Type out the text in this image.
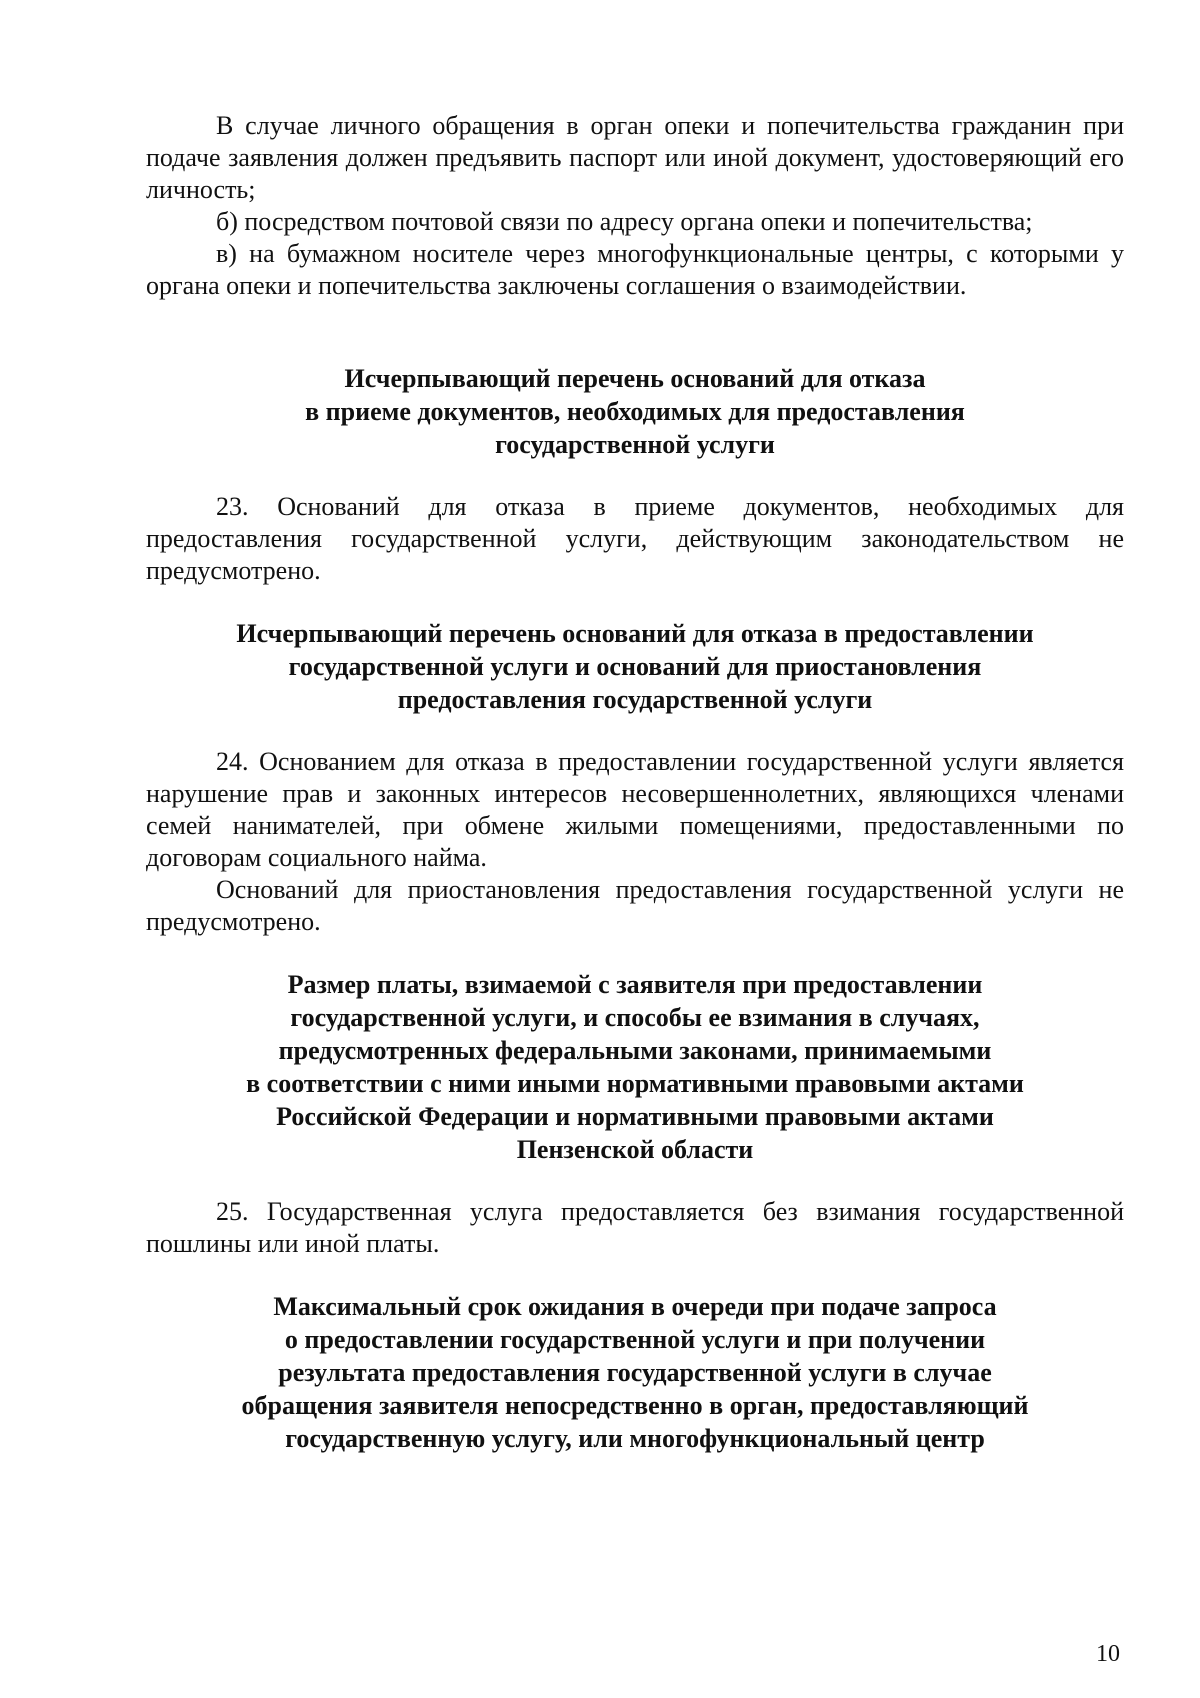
В случае личного обращения в орган опеки и попечительства гражданин при подаче заявления должен предъявить паспорт или иной документ, удостоверяющий его личность;

б) посредством почтовой связи по адресу органа опеки и попечительства;

в) на бумажном носителе через многофункциональные центры, с которыми у органа опеки и попечительства заключены соглашения о взаимодействии.

Исчерпывающий перечень оснований для отказа
в приеме документов, необходимых для предоставления
государственной услуги

23. Оснований для отказа в приеме документов, необходимых для предоставления государственной услуги, действующим законодательством не предусмотрено.

Исчерпывающий перечень оснований для отказа в предоставлении
государственной услуги и оснований для приостановления
предоставления государственной услуги

24. Основанием для отказа в предоставлении государственной услуги является нарушение прав и законных интересов несовершеннолетних, являющихся членами семей нанимателей, при обмене жилыми помещениями, предоставленными по договорам социального найма.

Оснований для приостановления предоставления государственной услуги не предусмотрено.

Размер платы, взимаемой с заявителя при предоставлении
государственной услуги, и способы ее взимания в случаях,
предусмотренных федеральными законами, принимаемыми
в соответствии с ними иными нормативными правовыми актами
Российской Федерации и нормативными правовыми актами
Пензенской области

25. Государственная услуга предоставляется без взимания государственной пошлины или иной платы.

Максимальный срок ожидания в очереди при подаче запроса
о предоставлении государственной услуги и при получении
результата предоставления государственной услуги в случае
обращения заявителя непосредственно в орган, предоставляющий
государственную услугу, или многофункциональный центр
10
